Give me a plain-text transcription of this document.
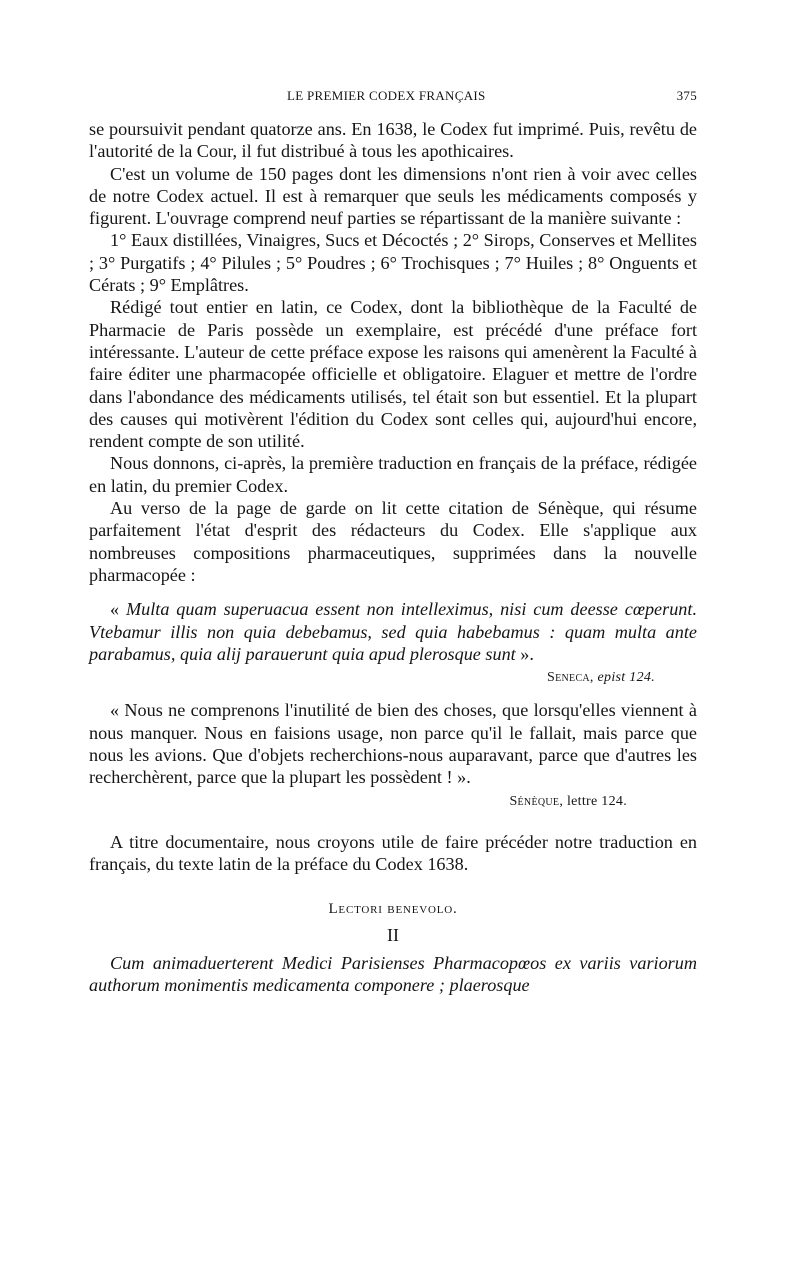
LE PREMIER CODEX FRANÇAIS	375

se poursuivit pendant quatorze ans. En 1638, le Codex fut imprimé. Puis, revêtu de l'autorité de la Cour, il fut distribué à tous les apothicaires.

C'est un volume de 150 pages dont les dimensions n'ont rien à voir avec celles de notre Codex actuel. Il est à remarquer que seuls les médicaments composés y figurent. L'ouvrage comprend neuf parties se répartissant de la manière suivante :

1° Eaux distillées, Vinaigres, Sucs et Décoctés ; 2° Sirops, Conserves et Mellites ; 3° Purgatifs ; 4° Pilules ; 5° Poudres ; 6° Trochisques ; 7° Huiles ; 8° Onguents et Cérats ; 9° Emplâtres.

Rédigé tout entier en latin, ce Codex, dont la bibliothèque de la Faculté de Pharmacie de Paris possède un exemplaire, est précédé d'une préface fort intéressante. L'auteur de cette préface expose les raisons qui amenèrent la Faculté à faire éditer une pharmacopée officielle et obligatoire. Elaguer et mettre de l'ordre dans l'abondance des médicaments utilisés, tel était son but essentiel. Et la plupart des causes qui motivèrent l'édition du Codex sont celles qui, aujourd'hui encore, rendent compte de son utilité.

Nous donnons, ci-après, la première traduction en français de la préface, rédigée en latin, du premier Codex.

Au verso de la page de garde on lit cette citation de Sénèque, qui résume parfaitement l'état d'esprit des rédacteurs du Codex. Elle s'applique aux nombreuses compositions pharmaceutiques, supprimées dans la nouvelle pharmacopée :

« Multa quam superuacua essent non intelleximus, nisi cum deesse cœperunt. Vtebamur illis non quia debebamus, sed quia habebamus : quam multa ante parabamus, quia alij parauerunt quia apud plerosque sunt ».

Seneca, epist 124.

« Nous ne comprenons l'inutilité de bien des choses, que lorsqu'elles viennent à nous manquer. Nous en faisions usage, non parce qu'il le fallait, mais parce que nous les avions. Que d'objets recherchions-nous auparavant, parce que d'autres les recherchèrent, parce que la plupart les possèdent ! ».

Sénèque, lettre 124.

A titre documentaire, nous croyons utile de faire précéder notre traduction en français, du texte latin de la préface du Codex 1638.

Lectori benevolo.
II

Cum animaduerterent Medici Parisienses Pharmacopœos ex variis variorum authorum monimentis medicamenta componere ; plaerosque
